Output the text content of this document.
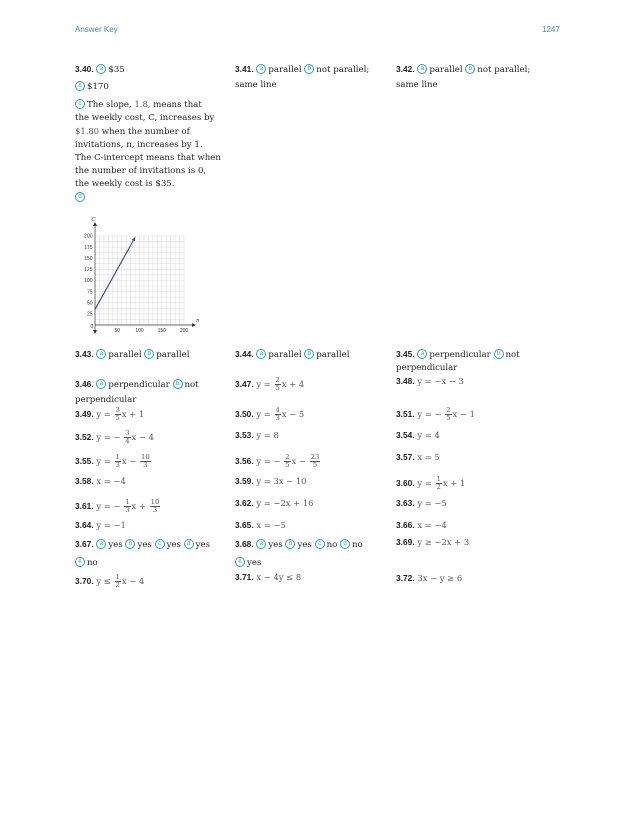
Answer Key	1247
3.40. a $35
b $170
c The slope, 1.8, means that
the weekly cost, C, increases by
$1.80 when the number of
invitations, n, increases by 1.
The C-intercept means that when
the number of invitations is 0,
the weekly cost is $35.
d
50	100	150	200
25
50
75
100
125
150
175
200
n
C
0
3.41. a parallel b not parallel;
same line
3.42. a parallel b not parallel;
same line
3.43. a parallel b parallel	3.44. a parallel b parallel	3.45. a perpendicular b not
perpendicular
3.46. a perpendicular b not
perpendicular
3.47. $y = \frac{2}{5}$ x + 4	3.48. y = −x − 3
3.49. $y = \frac{3}{5}$ x + 1	3.50. $y = \frac{4}{3}$ x − 5	3.51. y = − $\frac{2}{5}$ x − 1
3.52. y = − $\frac{3}{4}$ x − 4	3.53. y = 8	3.54. y = 4
3.55. $y = \frac{1}{3}$ $x - \frac{10}{3}$	3.56. y = − $\frac{2}{5}$ $x - \frac{23}{5}$	3.57. x = 5
3.58. x = −4	3.59. y = 3x − 10	3.60. $y = \frac{1}{2}$ x + 1
3.61. y = − $\frac{1}{3}$ $x + \frac{10}{3}$	3.62. y = −2x + 16	3.63. y = −5
3.64. y = −1	3.65. x = −5	3.66. x = −4
3.67. a yes b yes c yes d yes
e no
3.68. a yes b yes c no d no
e yes
3.69. y ≥ −2x + 3
3.70. $y \le \frac{1}{2}$ x − 4	3.71. x − 4y ≤ 8	3.72. 3x − y ≥ 6
